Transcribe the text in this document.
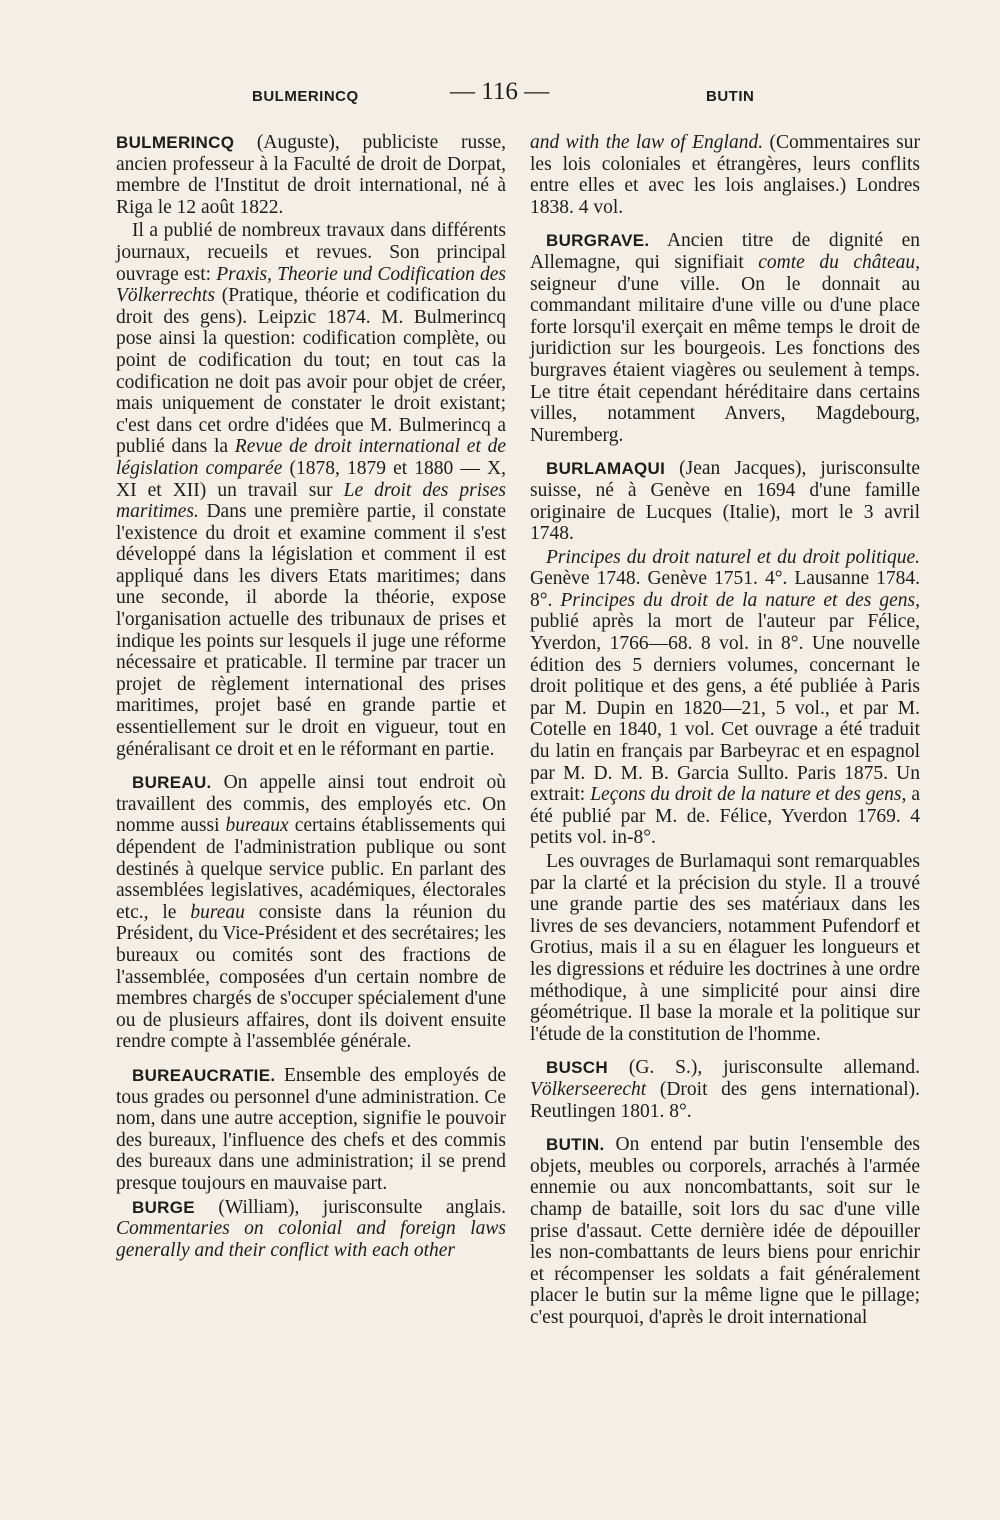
BULMERINCQ	— 116 —	BUTIN
BULMERINCQ (Auguste), publiciste russe, ancien professeur à la Faculté de droit de Dorpat, membre de l'Institut de droit international, né à Riga le 12 août 1822.
Il a publié de nombreux travaux dans différents journaux, recueils et revues. Son principal ouvrage est: Praxis, Theorie und Codification des Völkerrechts (Pratique, théorie et codification du droit des gens). Leipzic 1874. M. Bulmerincq pose ainsi la question: codification complète, ou point de codification du tout; en tout cas la codification ne doit pas avoir pour objet de créer, mais uniquement de constater le droit existant; c'est dans cet ordre d'idées que M. Bulmerincq a publié dans la Revue de droit international et de législation comparée (1878, 1879 et 1880 — X, XI et XII) un travail sur Le droit des prises maritimes. Dans une première partie, il constate l'existence du droit et examine comment il s'est développé dans la législation et comment il est appliqué dans les divers Etats maritimes; dans une seconde, il aborde la théorie, expose l'organisation actuelle des tribunaux de prises et indique les points sur lesquels il juge une réforme nécessaire et praticable. Il termine par tracer un projet de règlement international des prises maritimes, projet basé en grande partie et essentiellement sur le droit en vigueur, tout en généralisant ce droit et en le réformant en partie.
BUREAU. On appelle ainsi tout endroit où travaillent des commis, des employés etc. On nomme aussi bureaux certains établissements qui dépendent de l'administration publique ou sont destinés à quelque service public. En parlant des assemblées legislatives, académiques, électorales etc., le bureau consiste dans la réunion du Président, du Vice-Président et des secrétaires; les bureaux ou comités sont des fractions de l'assemblée, composées d'un certain nombre de membres chargés de s'occuper spécialement d'une ou de plusieurs affaires, dont ils doivent ensuite rendre compte à l'assemblée générale.
BUREAUCRATIE. Ensemble des employés de tous grades ou personnel d'une administration. Ce nom, dans une autre acception, signifie le pouvoir des bureaux, l'influence des chefs et des commis des bureaux dans une administration; il se prend presque toujours en mauvaise part.
BURGE (William), jurisconsulte anglais. Commentaries on colonial and foreign laws generally and their conflict with each other
and with the law of England. (Commentaires sur les lois coloniales et étrangères, leurs conflits entre elles et avec les lois anglaises.) Londres 1838. 4 vol.
BURGRAVE. Ancien titre de dignité en Allemagne, qui signifiait comte du château, seigneur d'une ville. On le donnait au commandant militaire d'une ville ou d'une place forte lorsqu'il exerçait en même temps le droit de juridiction sur les bourgeois. Les fonctions des burgraves étaient viagères ou seulement à temps. Le titre était cependant héréditaire dans certains villes, notamment Anvers, Magdebourg, Nuremberg.
BURLAMAQUI (Jean Jacques), jurisconsulte suisse, né à Genève en 1694 d'une famille originaire de Lucques (Italie), mort le 3 avril 1748.
Principes du droit naturel et du droit politique. Genève 1748. Genève 1751. 4°. Lausanne 1784. 8°. Principes du droit de la nature et des gens, publié après la mort de l'auteur par Félice, Yverdon, 1766—68. 8 vol. in 8°. Une nouvelle édition des 5 derniers volumes, concernant le droit politique et des gens, a été publiée à Paris par M. Dupin en 1820—21, 5 vol., et par M. Cotelle en 1840, 1 vol. Cet ouvrage a été traduit du latin en français par Barbeyrac et en espagnol par M. D. M. B. Garcia Sullto. Paris 1875. Un extrait: Leçons du droit de la nature et des gens, a été publié par M. de. Félice, Yverdon 1769. 4 petits vol. in-8°.
Les ouvrages de Burlamaqui sont remarquables par la clarté et la précision du style. Il a trouvé une grande partie des ses matériaux dans les livres de ses devanciers, notamment Pufendorf et Grotius, mais il a su en élaguer les longueurs et les digressions et réduire les doctrines à une ordre méthodique, à une simplicité pour ainsi dire géométrique. Il base la morale et la politique sur l'étude de la constitution de l'homme.
BUSCH (G. S.), jurisconsulte allemand. Völkerseerecht (Droit des gens international). Reutlingen 1801. 8°.
BUTIN. On entend par butin l'ensemble des objets, meubles ou corporels, arrachés à l'armée ennemie ou aux noncombattants, soit sur le champ de bataille, soit lors du sac d'une ville prise d'assaut. Cette dernière idée de dépouiller les non-combattants de leurs biens pour enrichir et récompenser les soldats a fait généralement placer le butin sur la même ligne que le pillage; c'est pourquoi, d'après le droit international
